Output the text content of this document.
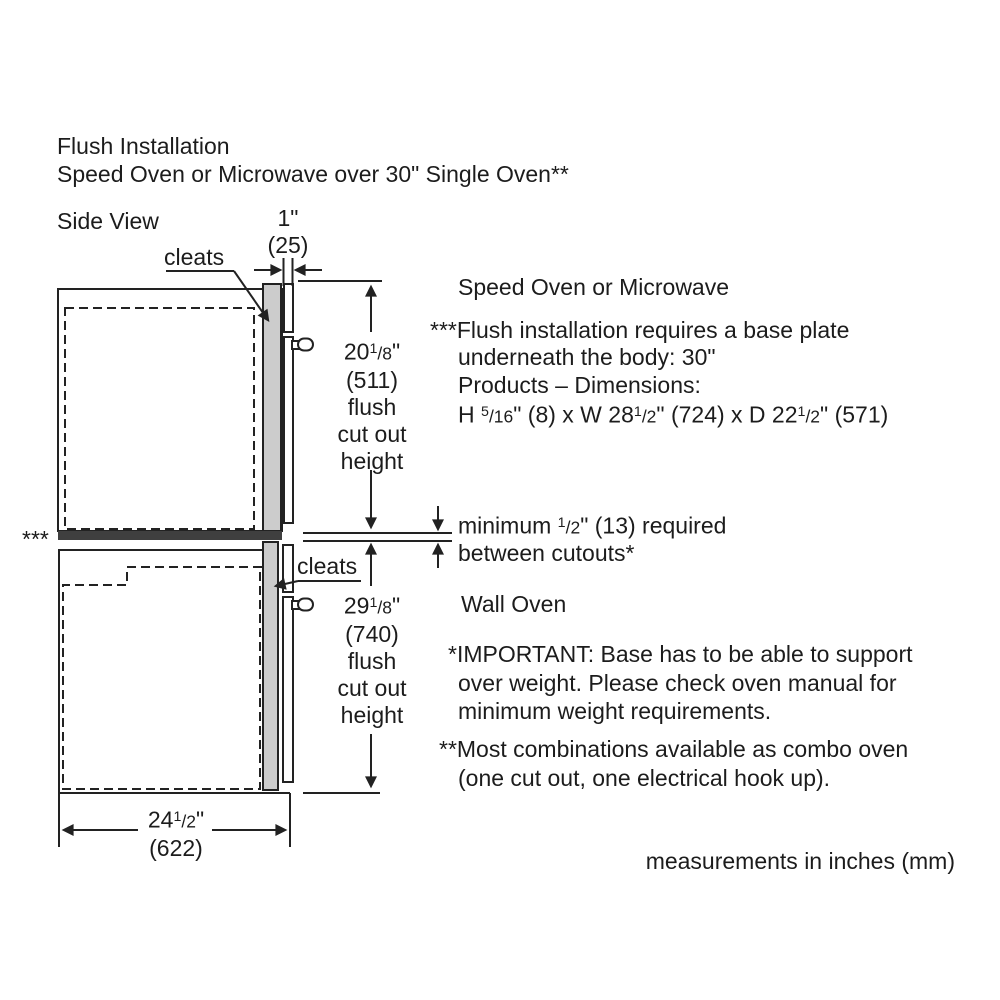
Flush Installation
Speed Oven or Microwave over 30" Single Oven**
Side View	1"
(25)
cleats
***
$20^1/8$"
(511)
flush
cut out
height
cleats
$29^1/8$"
(740)
flush
cut out
height
$24^1/2$"
(622)
Speed Oven or Microwave
***Flush installation requires a base plate
underneath the body: 30"
Products – Dimensions:
H $^5$/16" (8) x W $28^1/2$" (724) x D $22^1/2$" (571)
minimum $^1$/2" (13) required
between cutouts*
Wall Oven
*IMPORTANT: Base has to be able to support
over weight. Please check oven manual for
minimum weight requirements.
**Most combinations available as combo oven
(one cut out, one electrical hook up).
measurements in inches (mm)
